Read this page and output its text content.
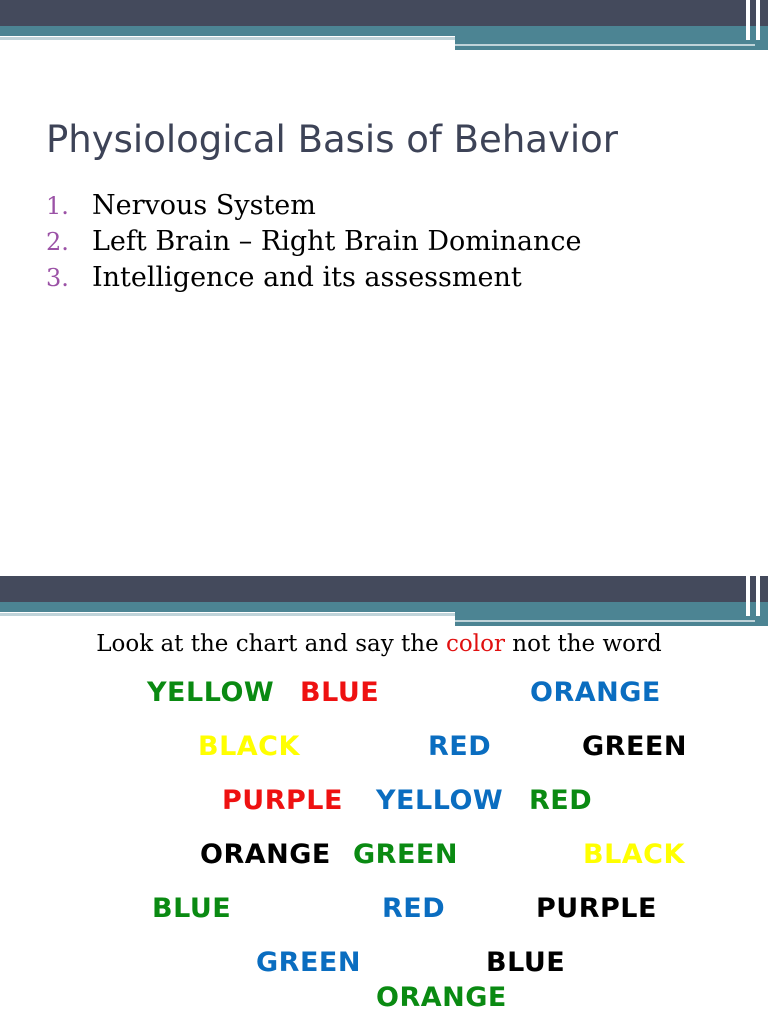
Physiological Basis of Behavior
1. Nervous System
2. Left Brain – Right Brain Dominance
3. Intelligence and its assessment
Look at the chart and say the color not the word
YELLOW BLUE	ORANGE
BLACK	RED	GREEN
PURPLE YELLOW RED
ORANGE GREEN	BLACK
BLUE	RED	PURPLE
GREEN	BLUE
ORANGE
